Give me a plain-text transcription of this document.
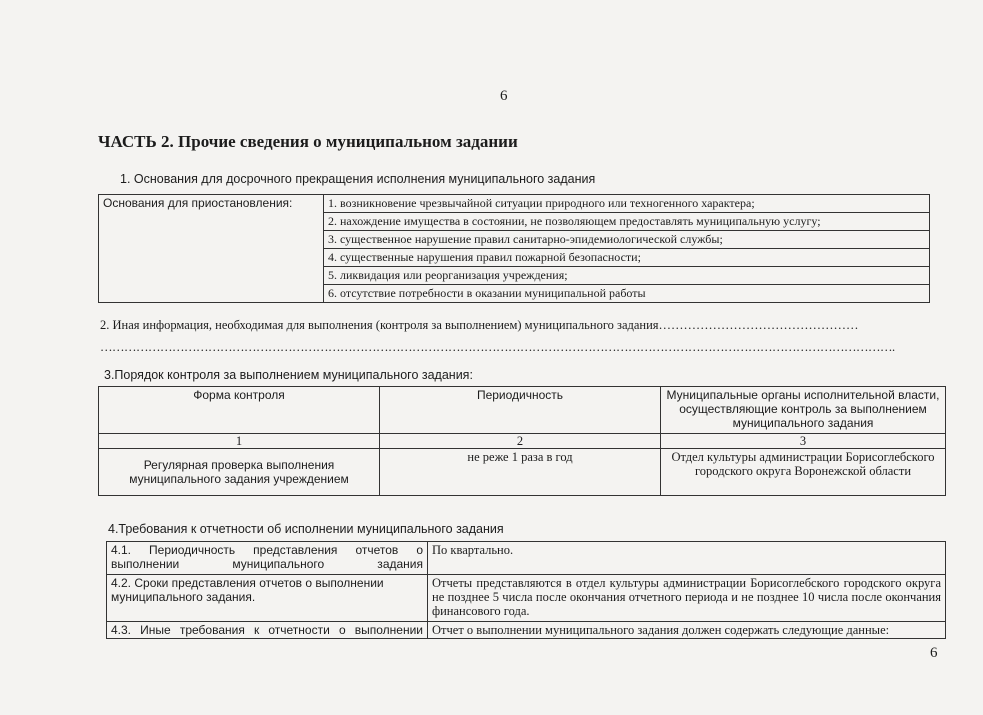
6
ЧАСТЬ 2. Прочие сведения о муниципальном задании
1. Основания для досрочного прекращения исполнения муниципального задания
Основания для приостановления:	1. возникновение чрезвычайной ситуации природного или техногенного характера;
2. нахождение имущества в состоянии, не позволяющем предоставлять муниципальную услугу;
3. существенное нарушение правил санитарно-эпидемиологической службы;
4. существенные нарушения правил пожарной безопасности;
5. ликвидация или реорганизация учреждения;
6. отсутствие потребности в оказании муниципальной работы
2. Иная информация, необходимая для выполнения (контроля за выполнением) муниципального задания…………………………………………
……………………………………………………………………………………………………………………………………………………………………………….
3.Порядок контроля за выполнением муниципального задания:
Форма контроля	Периодичность	Муниципальные органы исполнительной власти, осуществляющие контроль за выполнением муниципального задания
1	2	3
Регулярная проверка выполнения муниципального задания учреждением	не реже 1 раза в год	Отдел культуры администрации Борисоглебского городского округа Воронежской области
4.Требования к отчетности об исполнении муниципального задания
4.1. Периодичность представления отчетов о выполнении муниципального задания	По квартально.
4.2. Сроки представления отчетов о выполнении муниципального задания.	Отчеты представляются в отдел культуры администрации Борисоглебского городского округа не позднее 5 числа после окончания отчетного периода и не позднее 10 числа после окончания финансового года.
4.3. Иные требования к отчетности о выполнении	Отчет о выполнении муниципального задания должен содержать следующие данные:
6
